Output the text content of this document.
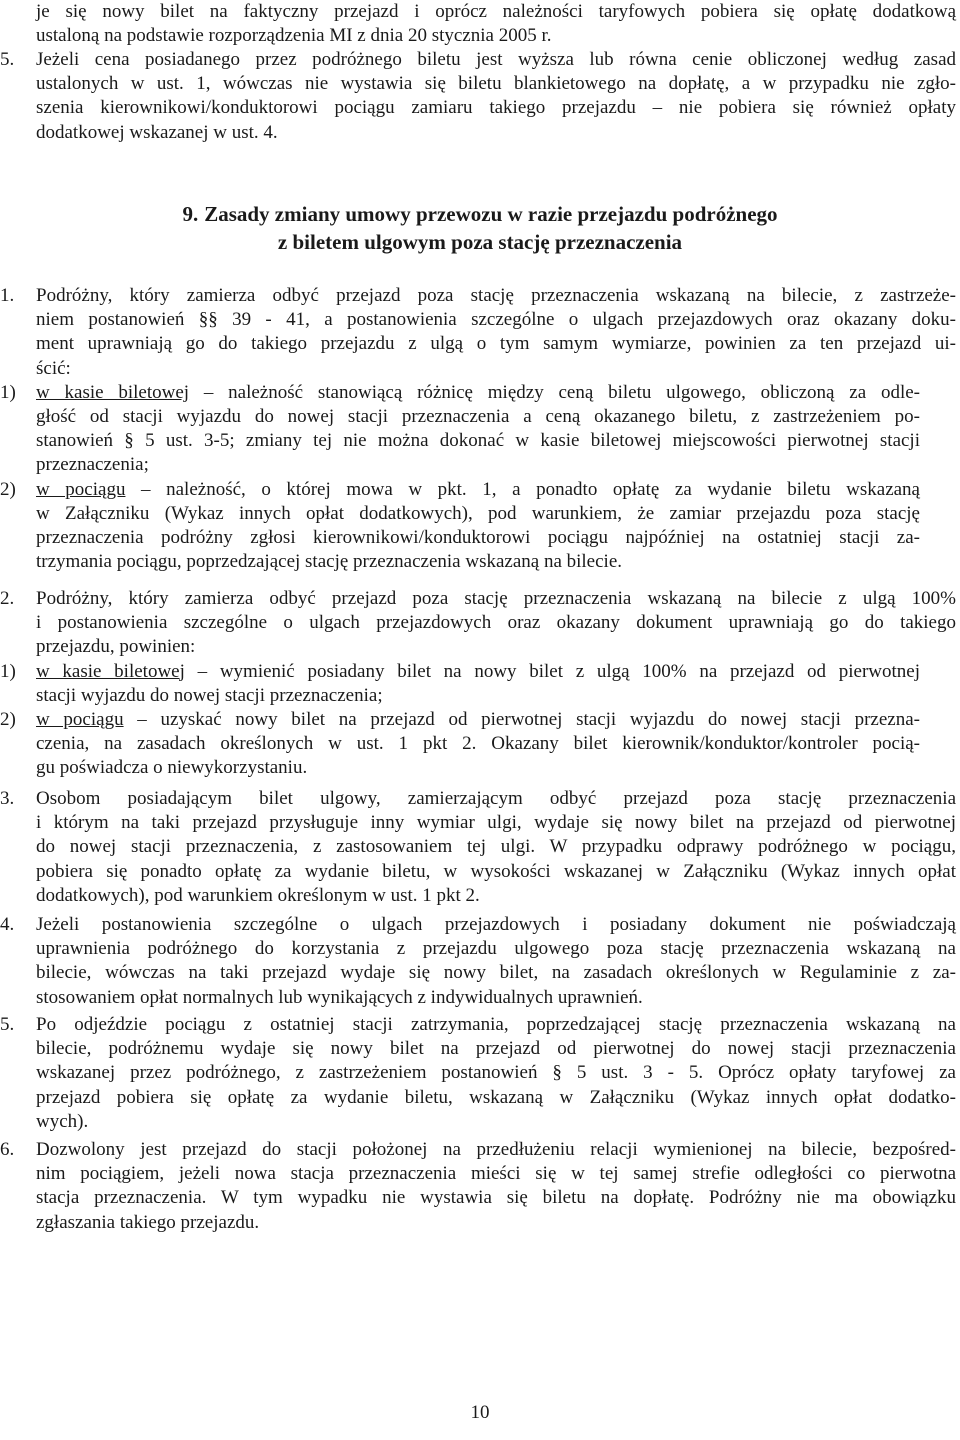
je się nowy bilet na faktyczny przejazd i oprócz należności taryfowych pobiera się opłatę dodatkową

ustaloną na podstawie rozporządzenia MI z dnia 20 stycznia 2005 r.

5. Jeżeli cena posiadanego przez podróżnego biletu jest wyższa lub równa cenie obliczonej według zasad

ustalonych w ust. 1, wówczas nie wystawia się biletu blankietowego na dopłatę, a w przypadku nie zgło-

szenia kierownikowi/konduktorowi pociągu zamiaru takiego przejazdu – nie pobiera się również opłaty

dodatkowej wskazanej w ust. 4.

9. Zasady zmiany umowy przewozu w razie przejazdu podróżnego
z biletem ulgowym poza stację przeznaczenia
1. Podróżny, który zamierza odbyć przejazd poza stację przeznaczenia wskazaną na bilecie, z zastrzeże-

niem postanowień §§ 39 - 41, a postanowienia szczególne o ulgach przejazdowych oraz okazany doku-

ment uprawniają go do takiego przejazdu z ulgą o tym samym wymiarze, powinien za ten przejazd ui-

ścić:

1) w kasie biletowej – należność stanowiącą różnicę między ceną biletu ulgowego, obliczoną za odle-

głość od stacji wyjazdu do nowej stacji przeznaczenia a ceną okazanego biletu, z zastrzeżeniem po-

stanowień § 5 ust. 3-5; zmiany tej nie można dokonać w kasie biletowej miejscowości pierwotnej stacji

przeznaczenia;

2) w pociągu – należność, o której mowa w pkt. 1, a ponadto opłatę za wydanie biletu wskazaną

w Załączniku (Wykaz innych opłat dodatkowych), pod warunkiem, że zamiar przejazdu poza stację

przeznaczenia podróżny zgłosi kierownikowi/konduktorowi pociągu najpóźniej na ostatniej stacji za-

trzymania pociągu, poprzedzającej stację przeznaczenia wskazaną na bilecie.

2. Podróżny, który zamierza odbyć przejazd poza stację przeznaczenia wskazaną na bilecie z ulgą 100%

i postanowienia szczególne o ulgach przejazdowych oraz okazany dokument uprawniają go do takiego

przejazdu, powinien:

1) w kasie biletowej – wymienić posiadany bilet na nowy bilet z ulgą 100% na przejazd od pierwotnej

stacji wyjazdu do nowej stacji przeznaczenia;

2) w pociągu – uzyskać nowy bilet na przejazd od pierwotnej stacji wyjazdu do nowej stacji przezna-

czenia, na zasadach określonych w ust. 1 pkt 2. Okazany bilet kierownik/konduktor/kontroler pocią-

gu poświadcza o niewykorzystaniu.

3. Osobom posiadającym bilet ulgowy, zamierzającym odbyć przejazd poza stację przeznaczenia

i którym na taki przejazd przysługuje inny wymiar ulgi, wydaje się nowy bilet na przejazd od pierwotnej

do nowej stacji przeznaczenia, z zastosowaniem tej ulgi. W przypadku odprawy podróżnego w pociągu,

pobiera się ponadto opłatę za wydanie biletu, w wysokości wskazanej w Załączniku (Wykaz innych opłat

dodatkowych), pod warunkiem określonym w ust. 1 pkt 2.

4. Jeżeli postanowienia szczególne o ulgach przejazdowych i posiadany dokument nie poświadczają

uprawnienia podróżnego do korzystania z przejazdu ulgowego poza stację przeznaczenia wskazaną na

bilecie, wówczas na taki przejazd wydaje się nowy bilet, na zasadach określonych w Regulaminie z za-

stosowaniem opłat normalnych lub wynikających z indywidualnych uprawnień.

5. Po odjeździe pociągu z ostatniej stacji zatrzymania, poprzedzającej stację przeznaczenia wskazaną na

bilecie, podróżnemu wydaje się nowy bilet na przejazd od pierwotnej do nowej stacji przeznaczenia

wskazanej przez podróżnego, z zastrzeżeniem postanowień § 5 ust. 3 - 5. Oprócz opłaty taryfowej za

przejazd pobiera się opłatę za wydanie biletu, wskazaną w Załączniku (Wykaz innych opłat dodatko-

wych).

6. Dozwolony jest przejazd do stacji położonej na przedłużeniu relacji wymienionej na bilecie, bezpośred-

nim pociągiem, jeżeli nowa stacja przeznaczenia mieści się w tej samej strefie odległości co pierwotna

stacja przeznaczenia. W tym wypadku nie wystawia się biletu na dopłatę. Podróżny nie ma obowiązku

zgłaszania takiego przejazdu.

10
